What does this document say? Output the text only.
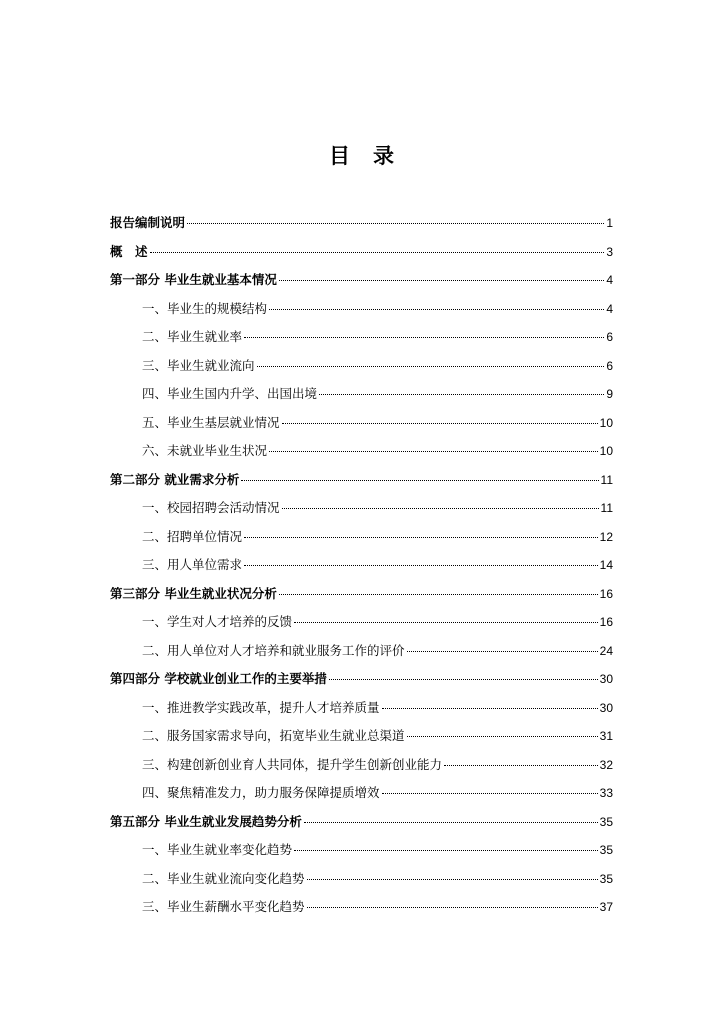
目　录
报告编制说明	1
概　述	3
第一部分 毕业生就业基本情况	4
一、毕业生的规模结构	4
二、毕业生就业率	6
三、毕业生就业流向	6
四、毕业生国内升学、出国出境	9
五、毕业生基层就业情况	10
六、未就业毕业生状况	10
第二部分 就业需求分析	11
一、校园招聘会活动情况	11
二、招聘单位情况	12
三、用人单位需求	14
第三部分 毕业生就业状况分析	16
一、学生对人才培养的反馈	16
二、用人单位对人才培养和就业服务工作的评价	24
第四部分 学校就业创业工作的主要举措	30
一、推进教学实践改革，提升人才培养质量	30
二、服务国家需求导向，拓宽毕业生就业总渠道	31
三、构建创新创业育人共同体，提升学生创新创业能力	32
四、聚焦精准发力，助力服务保障提质增效	33
第五部分 毕业生就业发展趋势分析	35
一、毕业生就业率变化趋势	35
二、毕业生就业流向变化趋势	35
三、毕业生薪酬水平变化趋势	37
